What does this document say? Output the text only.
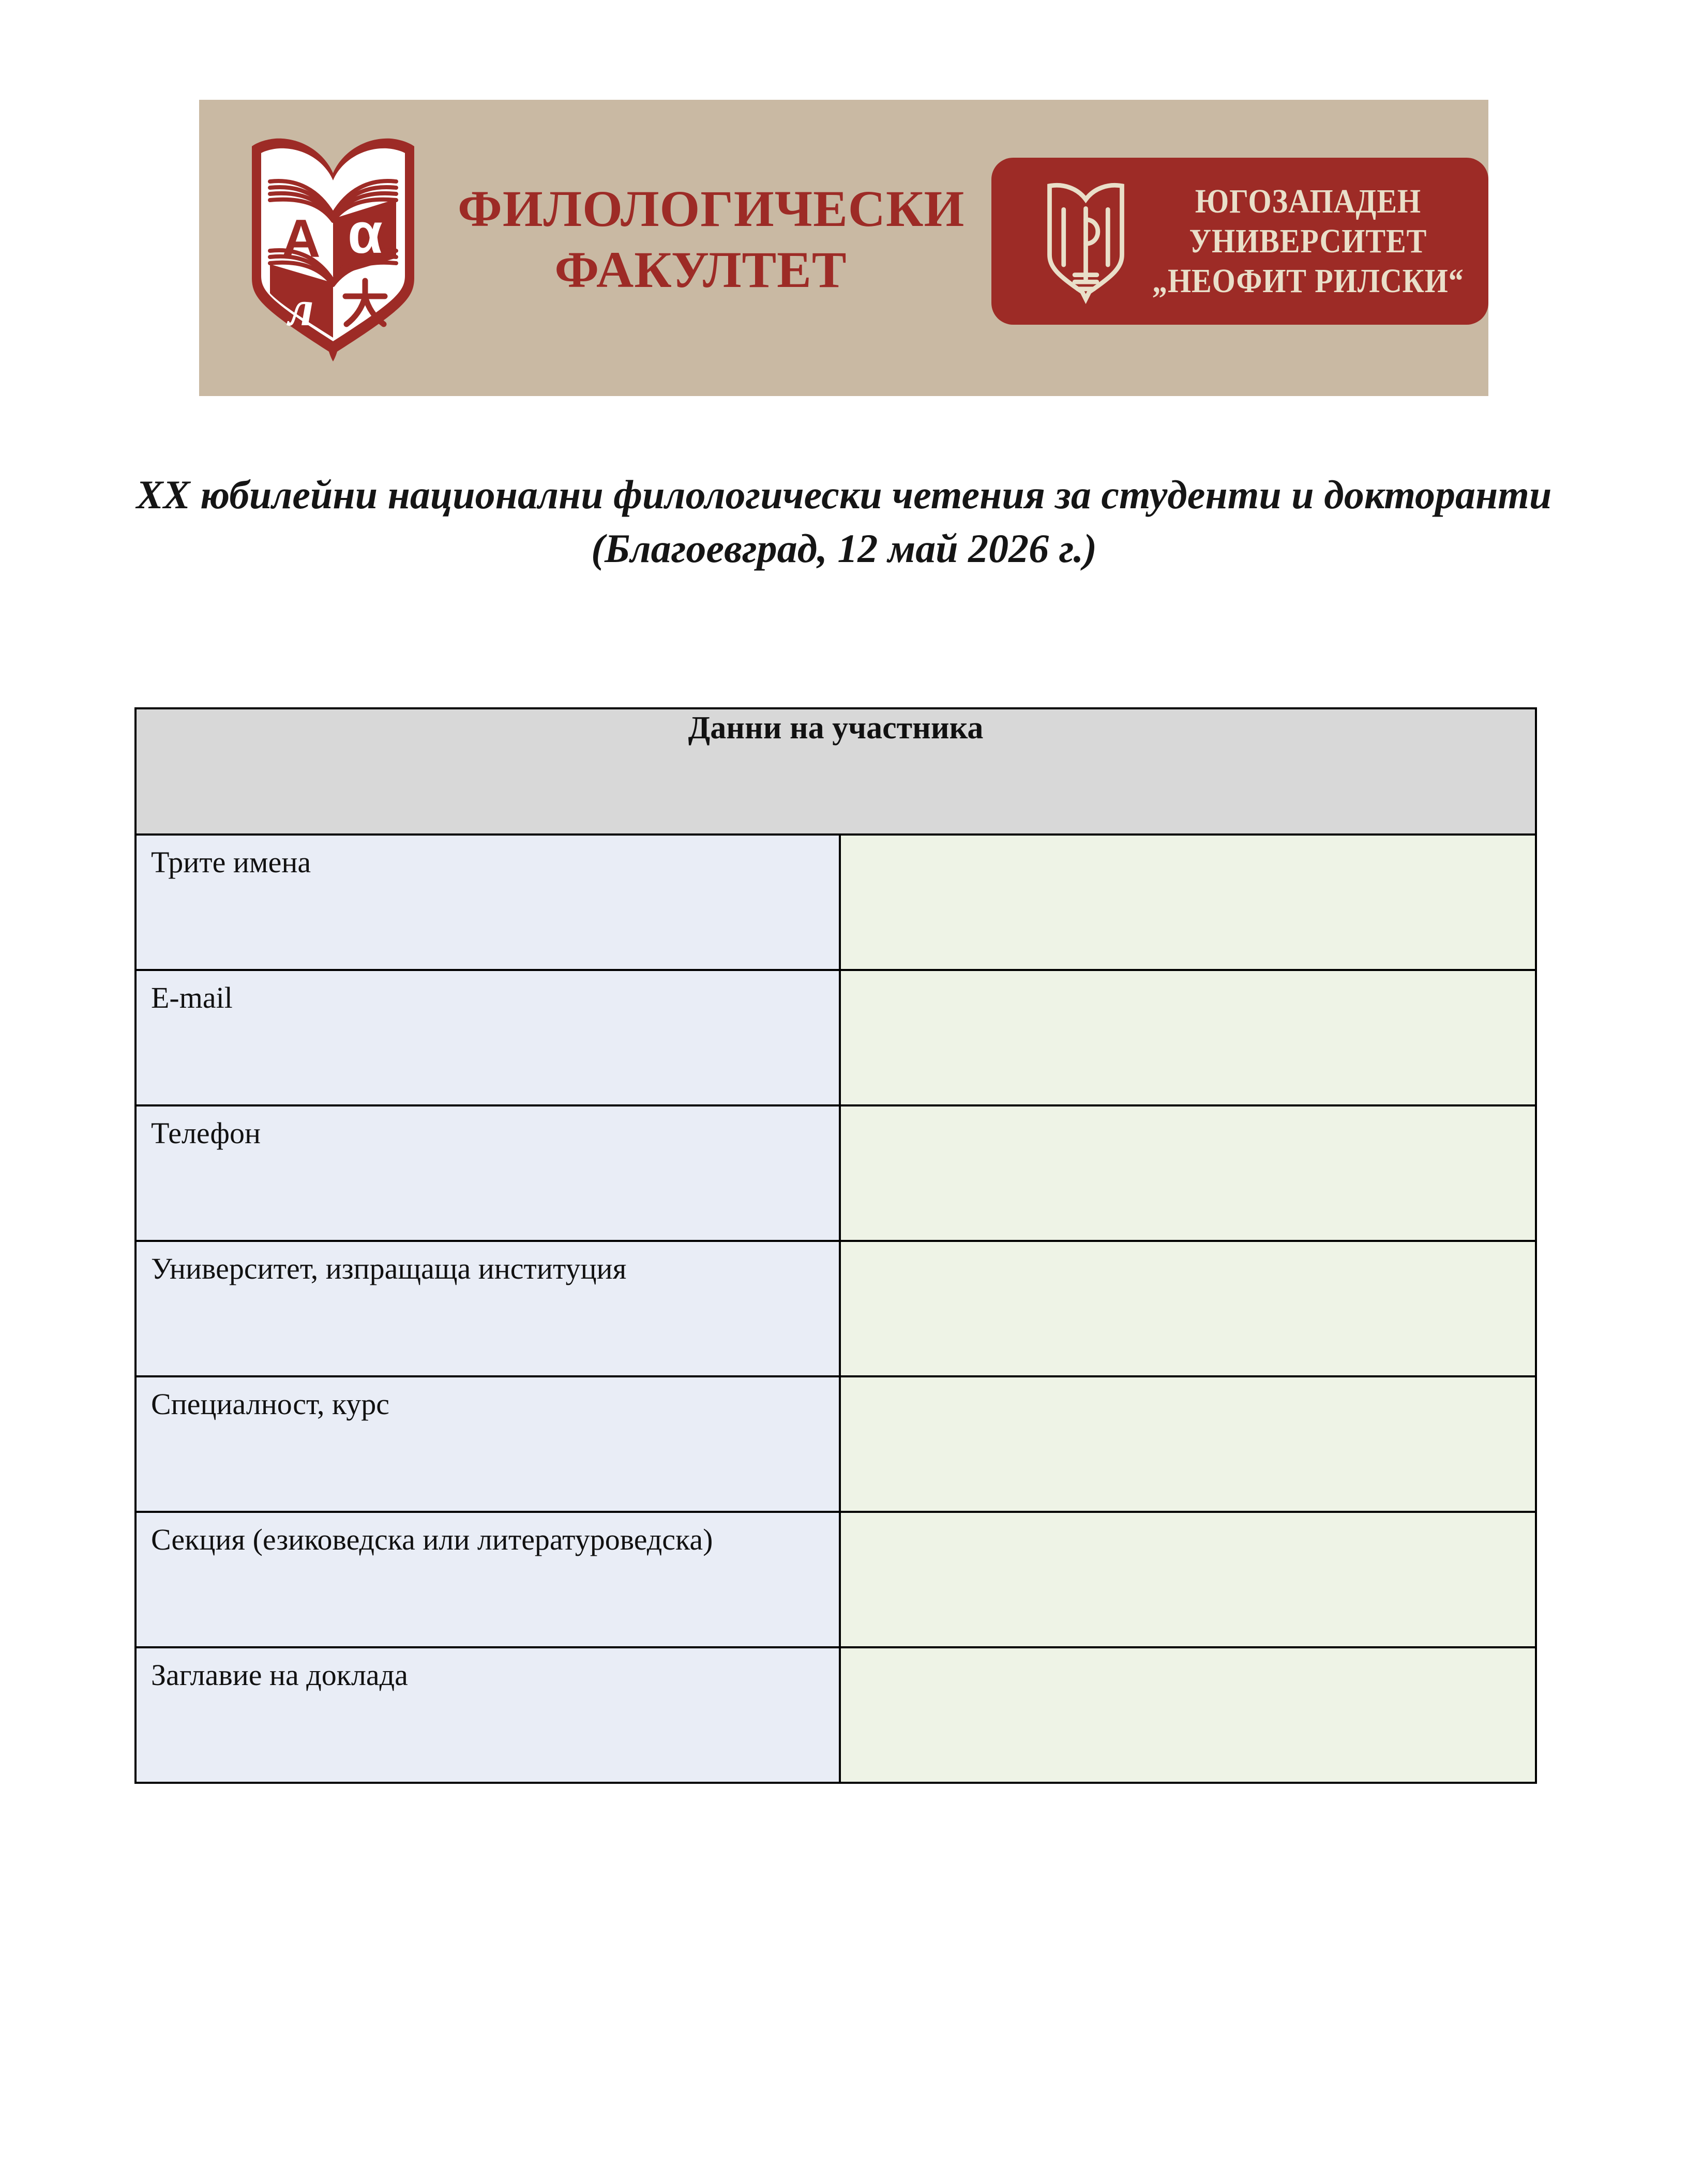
А α
л
ФИЛОЛОГИЧЕСКИ
ФАКУЛТЕТ
ЮГОЗАПАДЕН
УНИВЕРСИТЕТ
„НЕОФИТ РИЛСКИ“
XX юбилейни национални филологически четения за студенти и докторанти
(Благоевград, 12 май 2026 г.)
Данни на участника	
Трите имена	
E-mail	
Телефон	
Университет, изпращаща институция	
Специалност, курс	
Секция (езиковедска или литературоведска)	
Заглавие на доклада	
